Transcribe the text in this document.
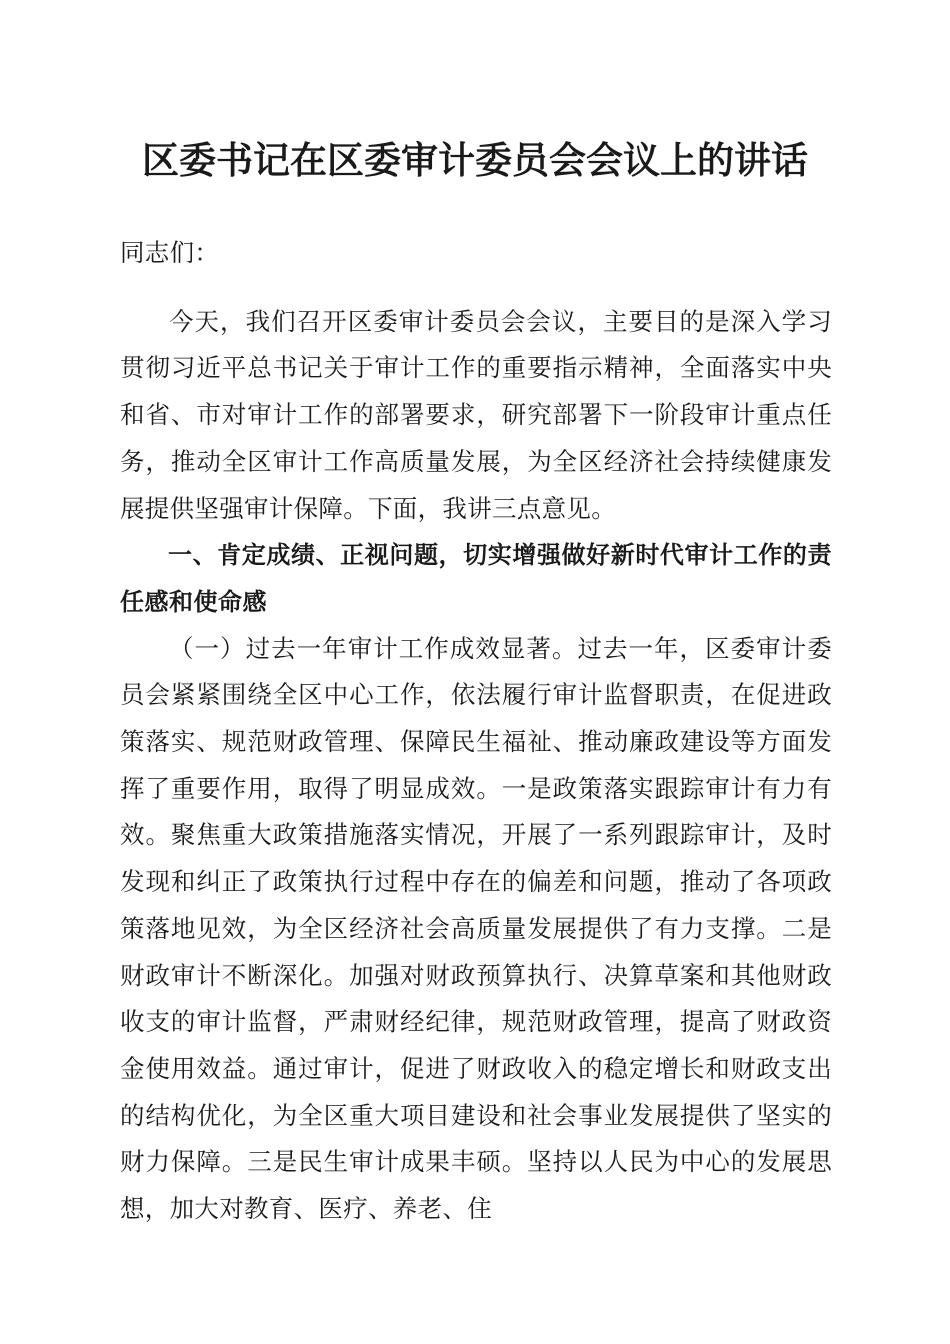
区委书记在区委审计委员会会议上的讲话

同志们：

今天，我们召开区委审计委员会会议，主要目的是深入学习贯彻习近平总书记关于审计工作的重要指示精神，全面落实中央和省、市对审计工作的部署要求，研究部署下一阶段审计重点任务，推动全区审计工作高质量发展，为全区经济社会持续健康发展提供坚强审计保障。下面，我讲三点意见。

一、肯定成绩、正视问题，切实增强做好新时代审计工作的责任感和使命感

（一）过去一年审计工作成效显著。过去一年，区委审计委员会紧紧围绕全区中心工作，依法履行审计监督职责，在促进政策落实、规范财政管理、保障民生福祉、推动廉政建设等方面发挥了重要作用，取得了明显成效。一是政策落实跟踪审计有力有效。聚焦重大政策措施落实情况，开展了一系列跟踪审计，及时发现和纠正了政策执行过程中存在的偏差和问题，推动了各项政策落地见效，为全区经济社会高质量发展提供了有力支撑。二是财政审计不断深化。加强对财政预算执行、决算草案和其他财政收支的审计监督，严肃财经纪律，规范财政管理，提高了财政资金使用效益。通过审计，促进了财政收入的稳定增长和财政支出的结构优化，为全区重大项目建设和社会事业发展提供了坚实的财力保障。三是民生审计成果丰硕。坚持以人民为中心的发展思想，加大对教育、医疗、养老、住
